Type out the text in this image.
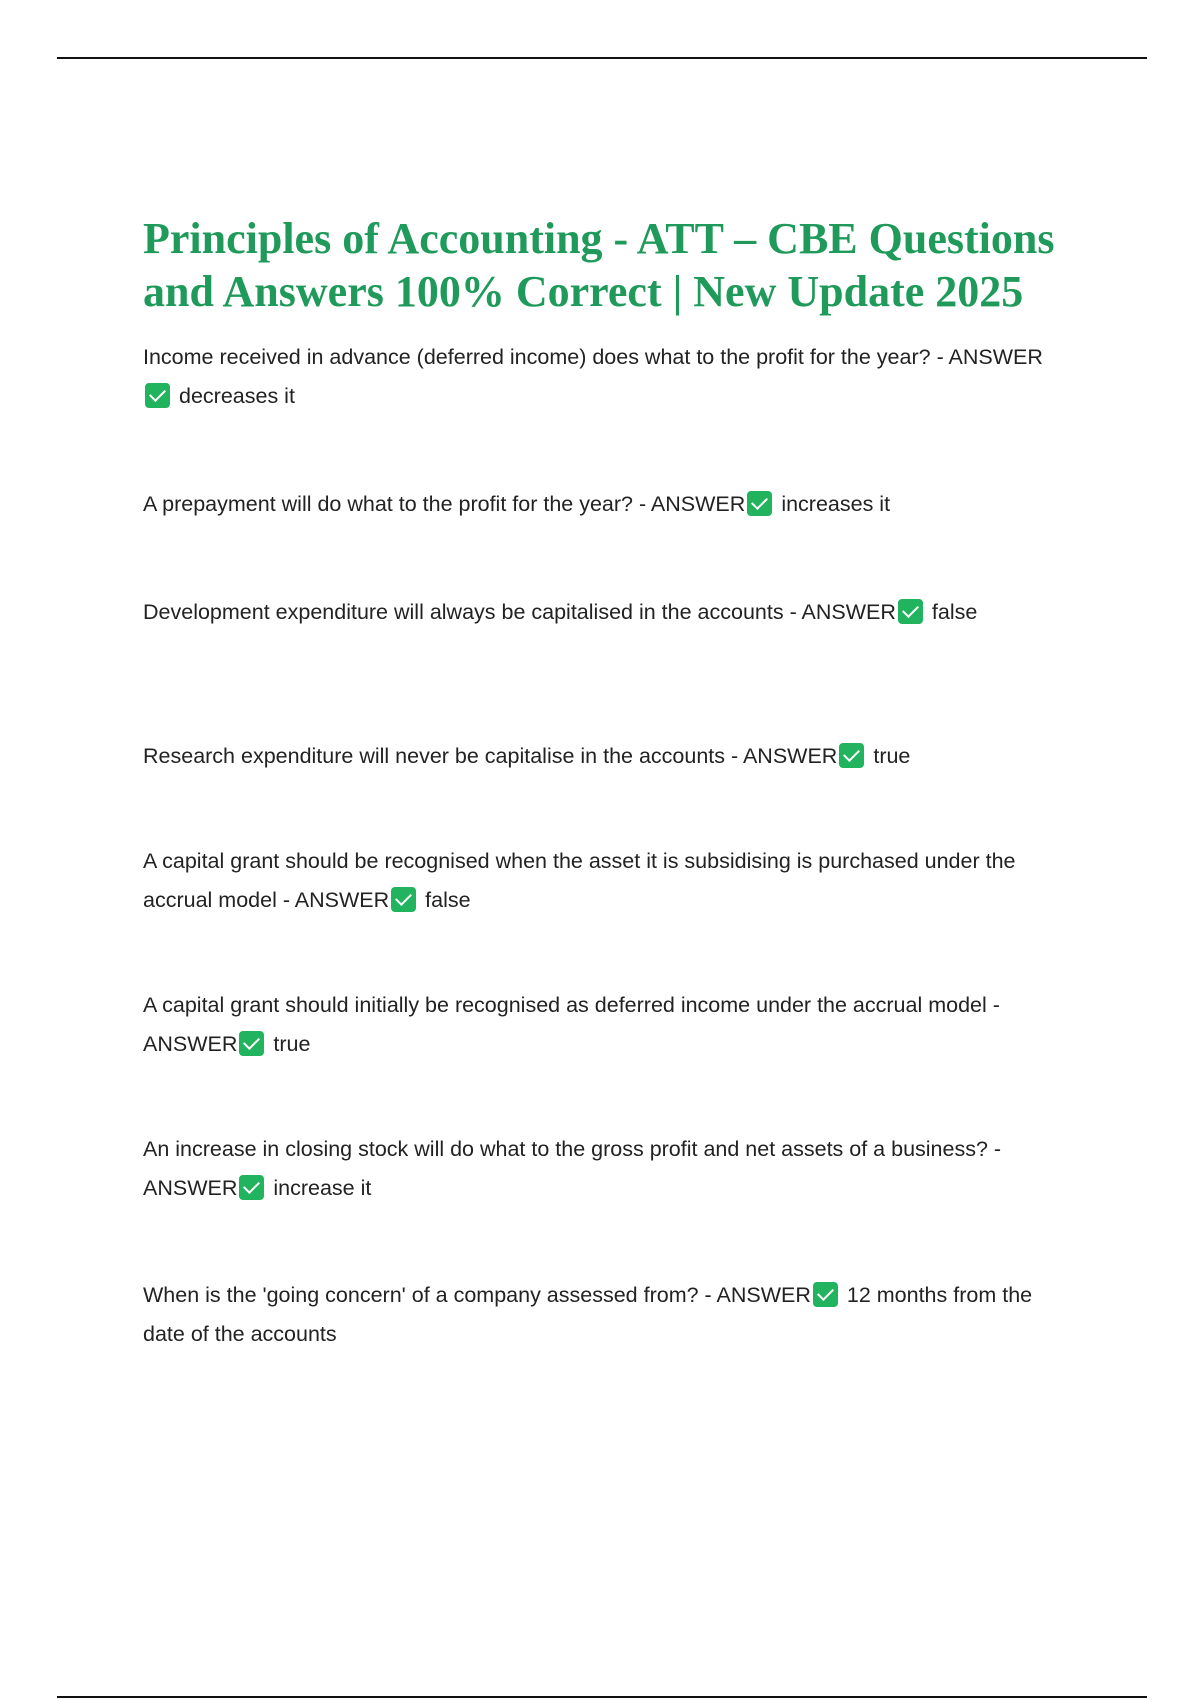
Principles of Accounting - ATT – CBE Questions and Answers 100% Correct | New Update 2025
Income received in advance (deferred income) does what to the profit for the year? - ANSWERdecreases it
A prepayment will do what to the profit for the year? - ANSWER increases it
Development expenditure will always be capitalised in the accounts - ANSWER false
Research expenditure will never be capitalise in the accounts - ANSWER true
A capital grant should be recognised when the asset it is subsidising is purchased under the accrual model - ANSWER false
A capital grant should initially be recognised as deferred income under the accrual model - ANSWER true
An increase in closing stock will do what to the gross profit and net assets of a business? - ANSWER increase it
When is the 'going concern' of a company assessed from? - ANSWER 12 months from the date of the accounts
